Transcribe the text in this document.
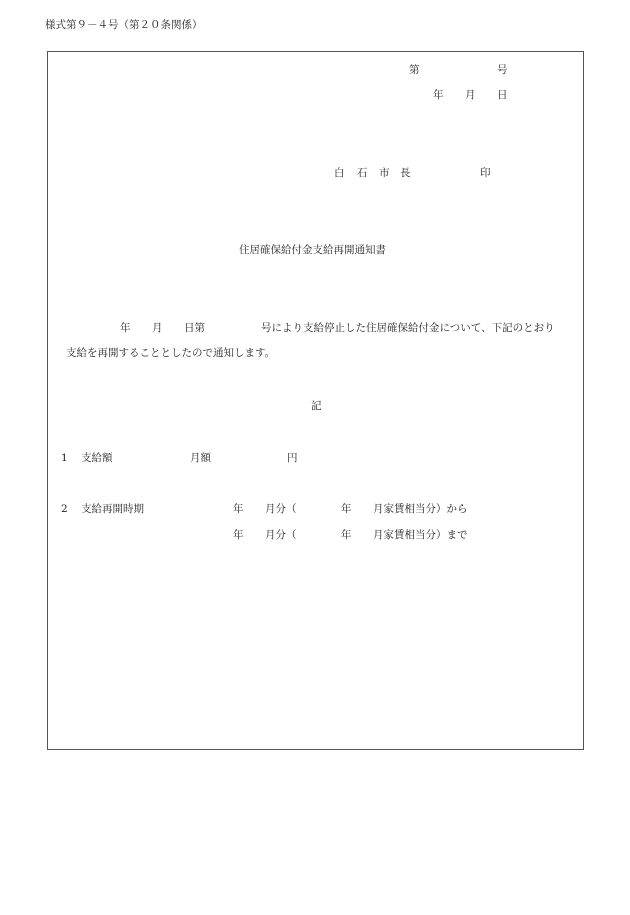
様式第９－４号（第２０条関係）
第	号
年 月 日
白 石 市 長	印
住居確保給付金支給再開通知書
年 月 日第	号により支給停止した住居確保給付金について、下記のとおり
支給を再開することとしたので通知します。
記
1 支給額	月額	円
2 支給再開時期	年 月分（	年 月家賃相当分）から
年 月分（	年 月家賃相当分）まで
